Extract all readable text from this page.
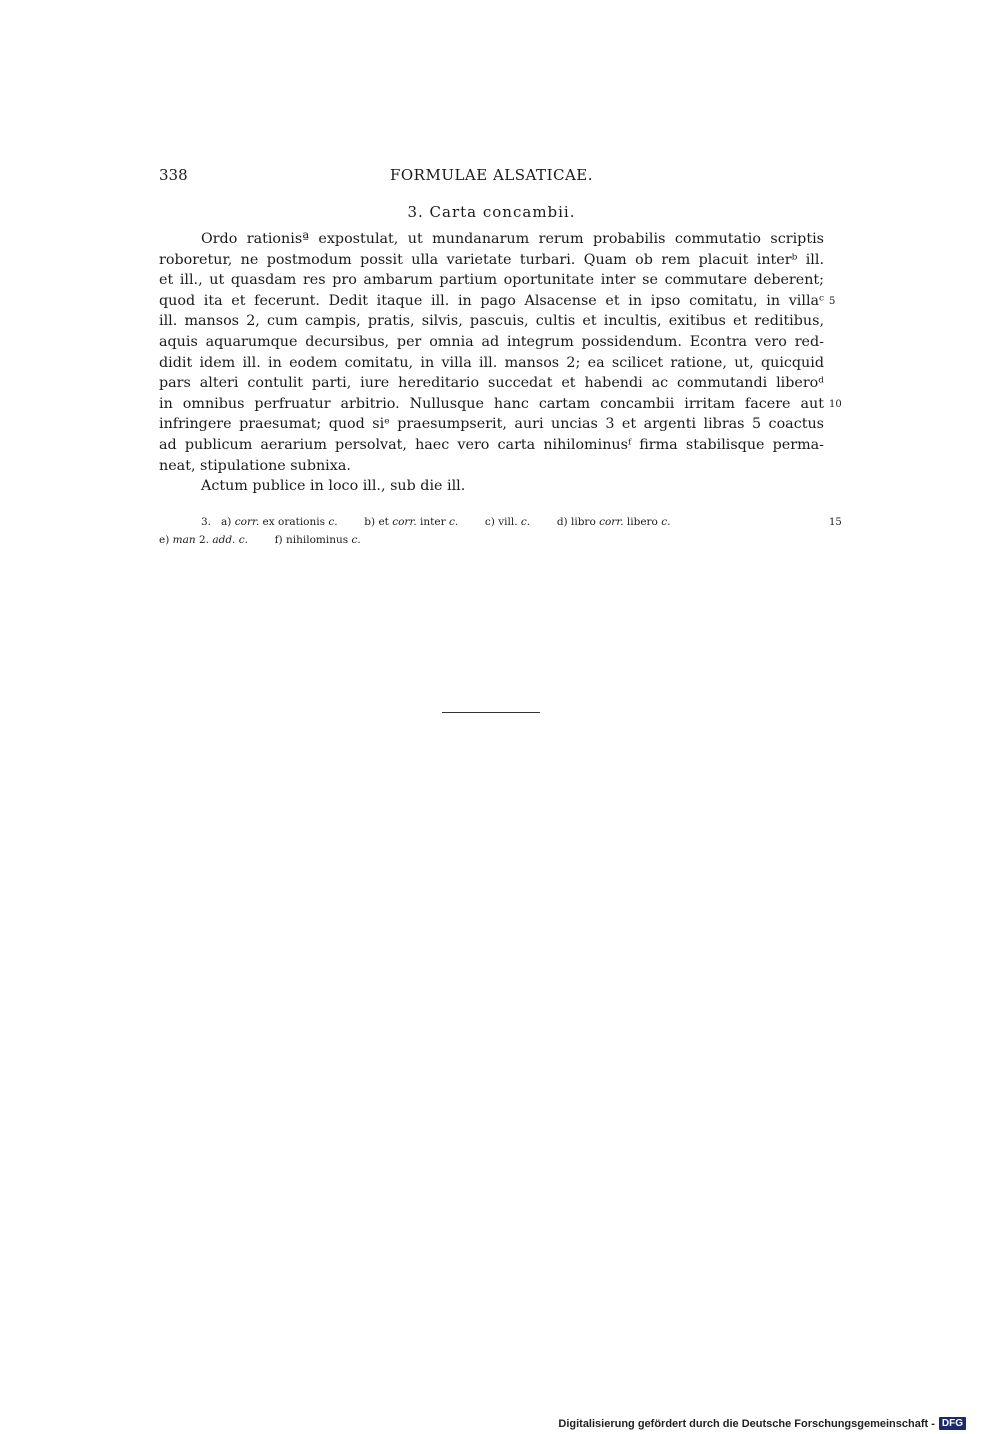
338	FORMULAE ALSATICAE.
3. Carta concambii.
Ordo rationisª expostulat, ut mundanarum rerum probabilis commutatio scriptis
roboretur, ne postmodum possit ulla varietate turbari. Quam ob rem placuit interᵇ ill.
et ill., ut quasdam res pro ambarum partium oportunitate inter se commutare deberent;
quod ita et fecerunt. Dedit itaque ill. in pago Alsacense et in ipso comitatu, in villaᶜ
ill. mansos 2, cum campis, pratis, silvis, pascuis, cultis et incultis, exitibus et reditibus,
aquis aquarumque decursibus, per omnia ad integrum possidendum. Econtra vero red-
didit idem ill. in eodem comitatu, in villa ill. mansos 2; ea scilicet ratione, ut, quicquid
pars alteri contulit parti, iure hereditario succedat et habendi ac commutandi liberoᵈ
in omnibus perfruatur arbitrio. Nullusque hanc cartam concambii irritam facere aut
infringere praesumat; quod siᵉ praesumpserit, auri uncias 3 et argenti libras 5 coactus
ad publicum aerarium persolvat, haec vero carta nihilominusᶠ firma stabilisque perma-
neat, stipulatione subnixa.
Actum publice in loco ill., sub die ill.
5
10
3. a) corr. ex orationis c.	b) et corr. inter c.	c) vill. c.	d) libro corr. libero c.	15
e) man 2. add. c.	f) nihilominus c.
Digitalisierung gefördert durch die Deutsche Forschungsgemeinschaft - DFG
